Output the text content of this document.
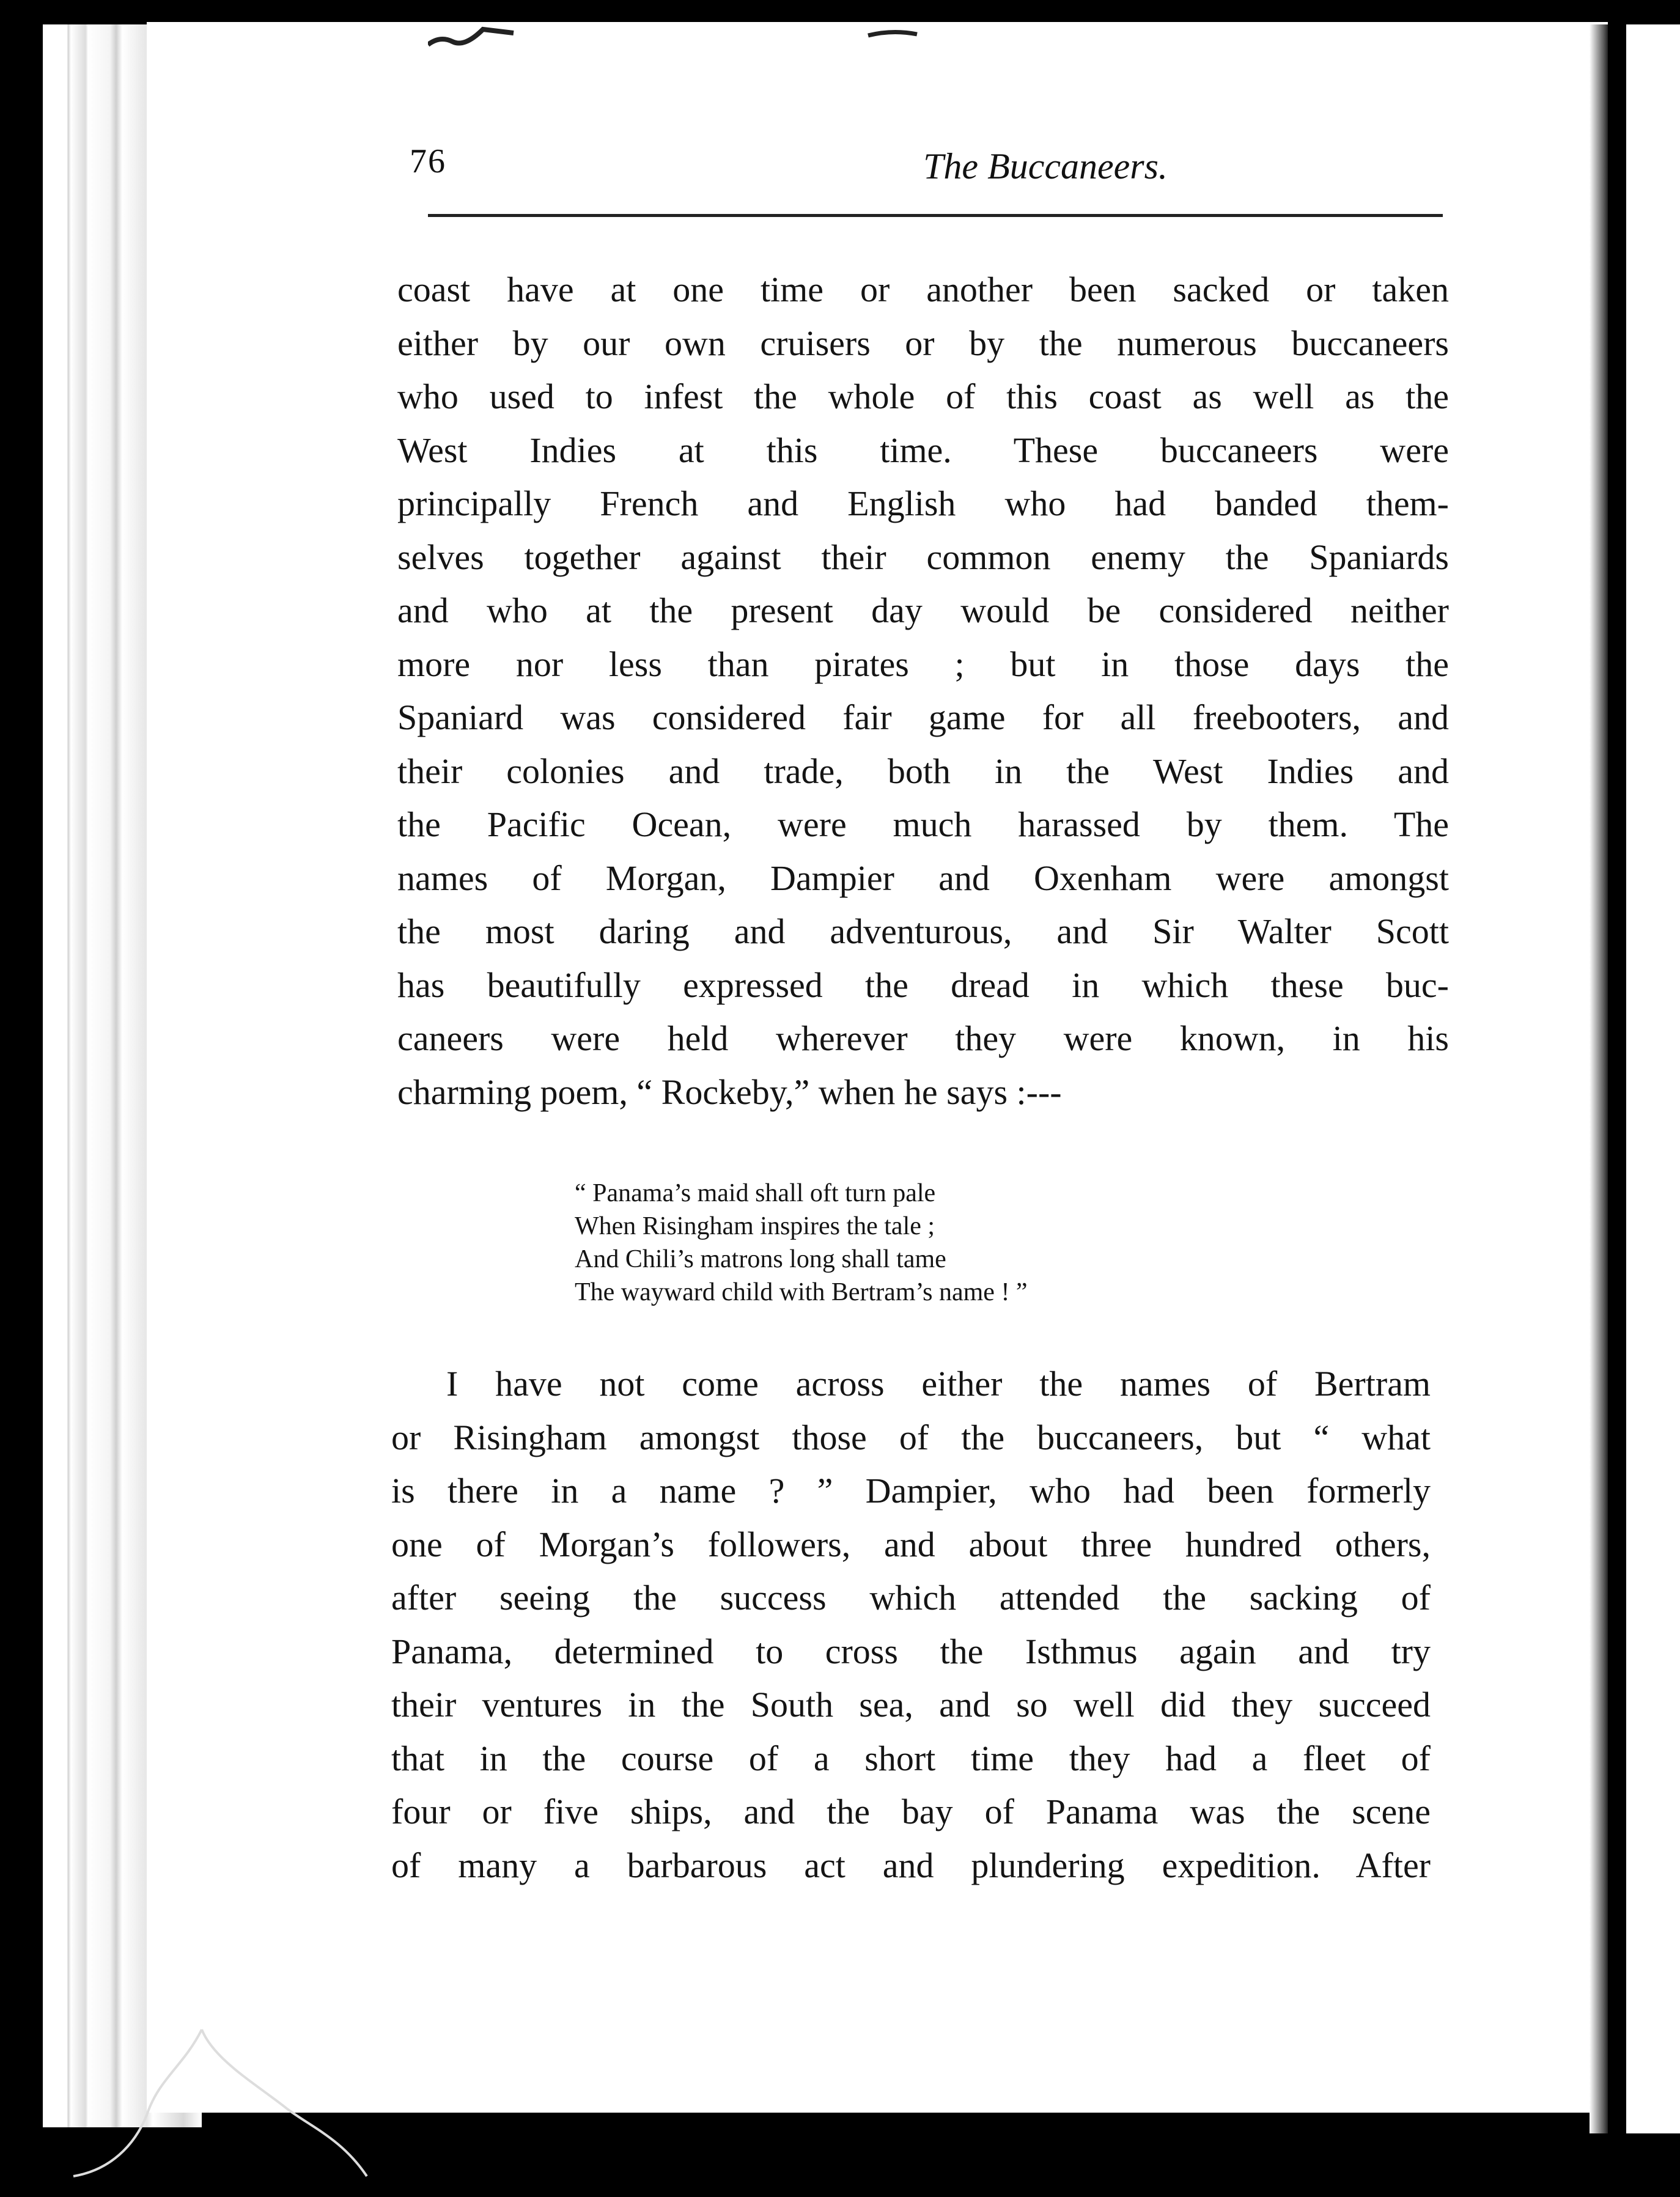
76	The Buccaneers.
coast have at one time or another been sacked or taken
either by our own cruisers or by the numerous buccaneers
who used to infest the whole of this coast as well as the
West Indies at this time. These buccaneers were
principally French and English who had banded them-
selves together against their common enemy the Spaniards
and who at the present day would be considered neither
more nor less than pirates ; but in those days the
Spaniard was considered fair game for all freebooters, and
their colonies and trade, both in the West Indies and
the Pacific Ocean, were much harassed by them. The
names of Morgan, Dampier and Oxenham were amongst
the most daring and adventurous, and Sir Walter Scott
has beautifully expressed the dread in which these buc-
caneers were held wherever they were known, in his
charming poem, “ Rockeby,” when he says :---
“ Panama’s maid shall oft turn pale
When Risingham inspires the tale ;
And Chili’s matrons long shall tame
The wayward child with Bertram’s name ! ”
I have not come across either the names of Bertram
or Risingham amongst those of the buccaneers, but “ what
is there in a name ? ” Dampier, who had been formerly
one of Morgan’s followers, and about three hundred others,
after seeing the success which attended the sacking of
Panama, determined to cross the Isthmus again and try
their ventures in the South sea, and so well did they succeed
that in the course of a short time they had a fleet of
four or five ships, and the bay of Panama was the scene
of many a barbarous act and plundering expedition. After
